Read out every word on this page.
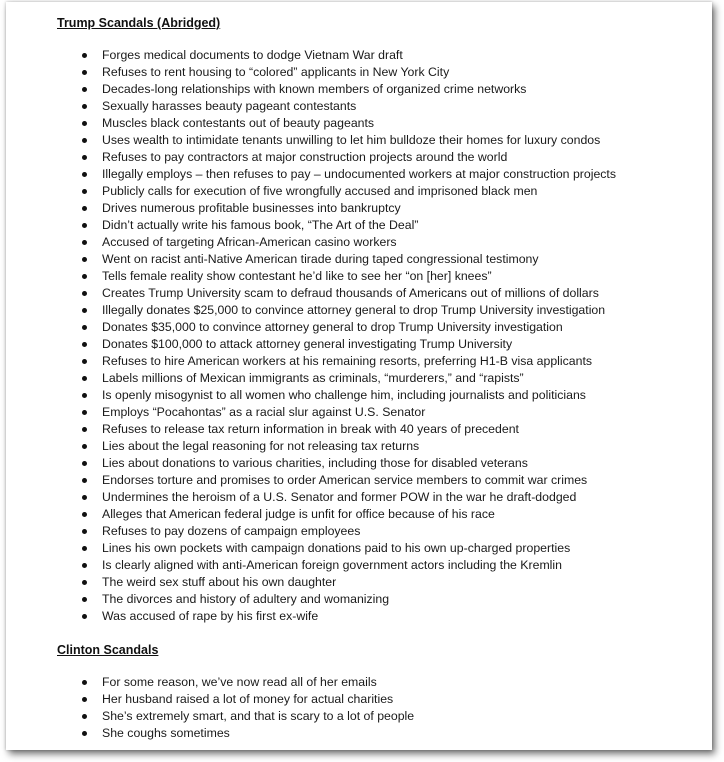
Trump Scandals (Abridged)
Forges medical documents to dodge Vietnam War draft
Refuses to rent housing to “colored” applicants in New York City
Decades-long relationships with known members of organized crime networks
Sexually harasses beauty pageant contestants
Muscles black contestants out of beauty pageants
Uses wealth to intimidate tenants unwilling to let him bulldoze their homes for luxury condos
Refuses to pay contractors at major construction projects around the world
Illegally employs – then refuses to pay – undocumented workers at major construction projects
Publicly calls for execution of five wrongfully accused and imprisoned black men
Drives numerous profitable businesses into bankruptcy
Didn’t actually write his famous book, “The Art of the Deal”
Accused of targeting African-American casino workers
Went on racist anti-Native American tirade during taped congressional testimony
Tells female reality show contestant he’d like to see her “on [her] knees”
Creates Trump University scam to defraud thousands of Americans out of millions of dollars
Illegally donates $25,000 to convince attorney general to drop Trump University investigation
Donates $35,000 to convince attorney general to drop Trump University investigation
Donates $100,000 to attack attorney general investigating Trump University
Refuses to hire American workers at his remaining resorts, preferring H1-B visa applicants
Labels millions of Mexican immigrants as criminals, “murderers,” and “rapists”
Is openly misogynist to all women who challenge him, including journalists and politicians
Employs “Pocahontas” as a racial slur against U.S. Senator
Refuses to release tax return information in break with 40 years of precedent
Lies about the legal reasoning for not releasing tax returns
Lies about donations to various charities, including those for disabled veterans
Endorses torture and promises to order American service members to commit war crimes
Undermines the heroism of a U.S. Senator and former POW in the war he draft-dodged
Alleges that American federal judge is unfit for office because of his race
Refuses to pay dozens of campaign employees
Lines his own pockets with campaign donations paid to his own up-charged properties
Is clearly aligned with anti-American foreign government actors including the Kremlin
The weird sex stuff about his own daughter
The divorces and history of adultery and womanizing
Was accused of rape by his first ex-wife
Clinton Scandals
For some reason, we’ve now read all of her emails
Her husband raised a lot of money for actual charities
She’s extremely smart, and that is scary to a lot of people
She coughs sometimes
